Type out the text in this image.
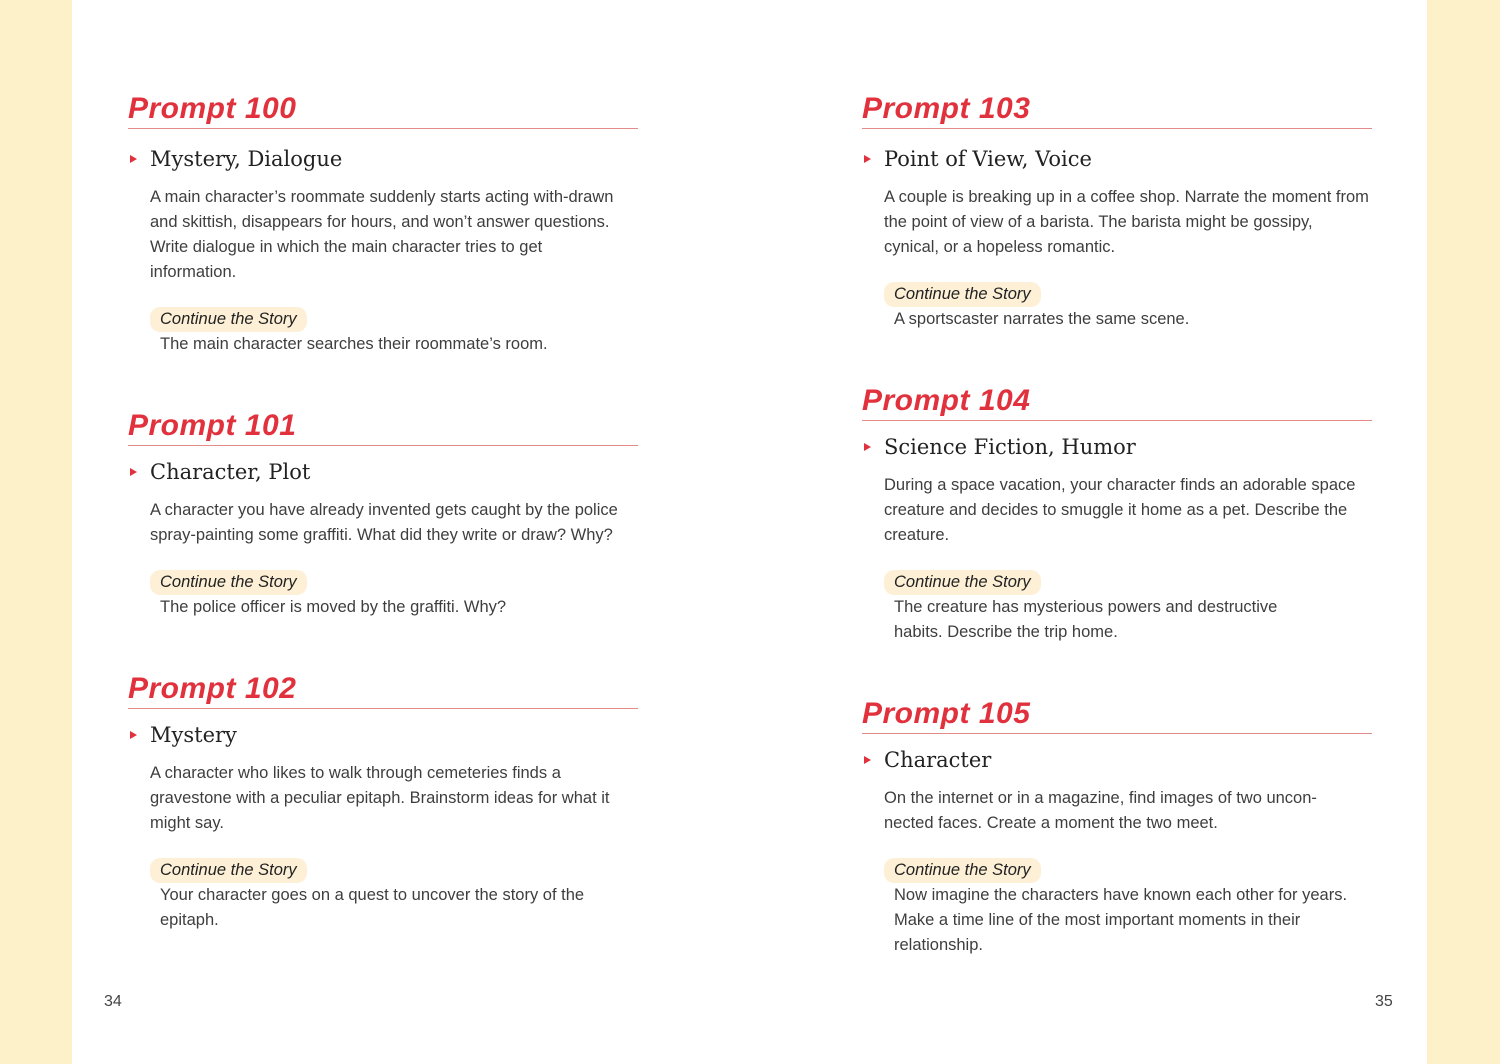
Prompt 100
Mystery, Dialogue
A main character’s roommate suddenly starts acting with-drawn and skittish, disappears for hours, and won’t answer questions. Write dialogue in which the main character tries to get information.
Continue the Story
The main character searches their roommate’s room.
Prompt 101
Character, Plot
A character you have already invented gets caught by the police spray-painting some graffiti. What did they write or draw? Why?
Continue the Story
The police officer is moved by the graffiti. Why?
Prompt 102
Mystery
A character who likes to walk through cemeteries finds a gravestone with a peculiar epitaph. Brainstorm ideas for what it might say.
Continue the Story
Your character goes on a quest to uncover the story of the epitaph.
Prompt 103
Point of View, Voice
A couple is breaking up in a coffee shop. Narrate the moment from the point of view of a barista. The barista might be gossipy, cynical, or a hopeless romantic.
Continue the Story
A sportscaster narrates the same scene.
Prompt 104
Science Fiction, Humor
During a space vacation, your character finds an adorable space creature and decides to smuggle it home as a pet. Describe the creature.
Continue the Story
The creature has mysterious powers and destructive habits. Describe the trip home.
Prompt 105
Character
On the internet or in a magazine, find images of two uncon-nected faces. Create a moment the two meet.
Continue the Story
Now imagine the characters have known each other for years. Make a time line of the most important moments in their relationship.
34	35
